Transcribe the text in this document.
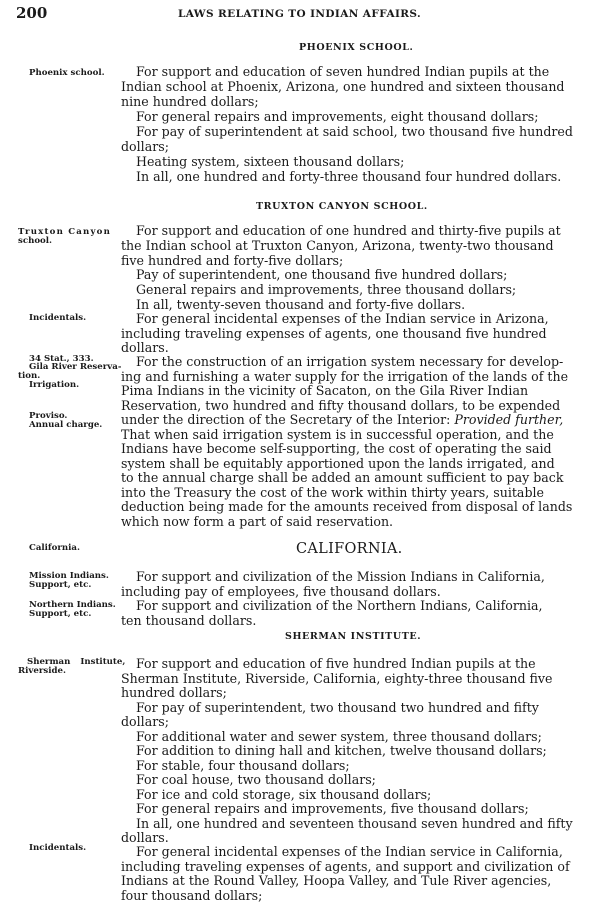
200	LAWS RELATING TO INDIAN AFFAIRS.
PHOENIX SCHOOL.
TRUXTON CANYON SCHOOL.
CALIFORNIA.
SHERMAN INSTITUTE.
Phoenix school.
Truxton Canyon
school.
Incidentals.
34 Stat., 333.
Gila River Reserva-
tion.
Irrigation.
Proviso.
Annual charge.
California.
Mission Indians.
Support, etc.
Northern Indians.
Support, etc.
Sherman Institute,
Riverside.
Incidentals.
For support and education of seven hundred Indian pupils at the
Indian school at Phoenix, Arizona, one hundred and sixteen thousand
nine hundred dollars;
For general repairs and improvements, eight thousand dollars;
For pay of superintendent at said school, two thousand five hundred
dollars;
Heating system, sixteen thousand dollars;
In all, one hundred and forty-three thousand four hundred dollars.
For support and education of one hundred and thirty-five pupils at
the Indian school at Truxton Canyon, Arizona, twenty-two thousand
five hundred and forty-five dollars;
Pay of superintendent, one thousand five hundred dollars;
General repairs and improvements, three thousand dollars;
In all, twenty-seven thousand and forty-five dollars.
For general incidental expenses of the Indian service in Arizona,
including traveling expenses of agents, one thousand five hundred
dollars.
For the construction of an irrigation system necessary for develop-
ing and furnishing a water supply for the irrigation of the lands of the
Pima Indians in the vicinity of Sacaton, on the Gila River Indian
Reservation, two hundred and fifty thousand dollars, to be expended
under the direction of the Secretary of the Interior: Provided further,
That when said irrigation system is in successful operation, and the
Indians have become self-supporting, the cost of operating the said
system shall be equitably apportioned upon the lands irrigated, and
to the annual charge shall be added an amount sufficient to pay back
into the Treasury the cost of the work within thirty years, suitable
deduction being made for the amounts received from disposal of lands
which now form a part of said reservation.
For support and civilization of the Mission Indians in California,
including pay of employees, five thousand dollars.
For support and civilization of the Northern Indians, California,
ten thousand dollars.
For support and education of five hundred Indian pupils at the
Sherman Institute, Riverside, California, eighty-three thousand five
hundred dollars;
For pay of superintendent, two thousand two hundred and fifty
dollars;
For additional water and sewer system, three thousand dollars;
For addition to dining hall and kitchen, twelve thousand dollars;
For stable, four thousand dollars;
For coal house, two thousand dollars;
For ice and cold storage, six thousand dollars;
For general repairs and improvements, five thousand dollars;
In all, one hundred and seventeen thousand seven hundred and fifty
dollars.
For general incidental expenses of the Indian service in California,
including traveling expenses of agents, and support and civilization of
Indians at the Round Valley, Hoopa Valley, and Tule River agencies,
four thousand dollars;
